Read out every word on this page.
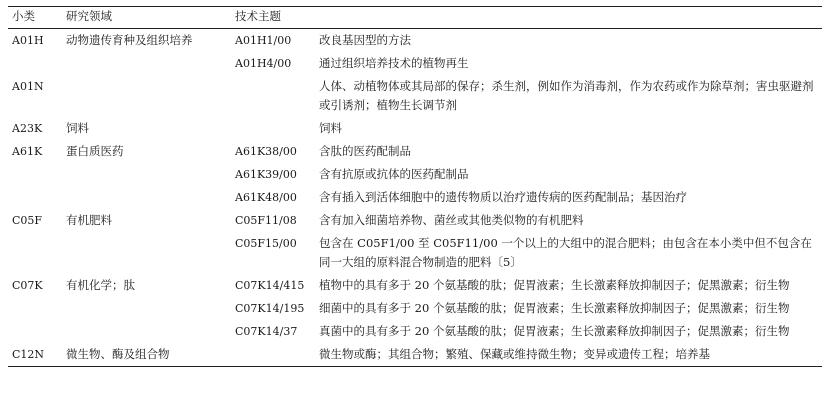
小类	研究领域	技术主题	
A01H	动物遗传育种及组织培养	A01H1/00	改良基因型的方法
		A01H4/00	通过组织培养技术的植物再生
A01N			人体、动植物体或其局部的保存；杀生剂，例如作为消毒剂，作为农药或作为除草剂；害虫驱避剂或引诱剂；植物生长调节剂
A23K	饲料		饲料
A61K	蛋白质医药	A61K38/00	含肽的医药配制品
		A61K39/00	含有抗原或抗体的医药配制品
		A61K48/00	含有插入到活体细胞中的遗传物质以治疗遗传病的医药配制品；基因治疗
C05F	有机肥料	C05F11/08	含有加入细菌培养物、菌丝或其他类似物的有机肥料
		C05F15/00	包含在 C05F1/00 至 C05F11/00 一个以上的大组中的混合肥料；由包含在本小类中但不包含在同一大组的原料混合物制造的肥料〔5〕
C07K	有机化学；肽	C07K14/415	植物中的具有多于 20 个氨基酸的肽；促胃液素；生长激素释放抑制因子；促黑激素；衍生物
		C07K14/195	细菌中的具有多于 20 个氨基酸的肽；促胃液素；生长激素释放抑制因子；促黑激素；衍生物
		C07K14/37	真菌中的具有多于 20 个氨基酸的肽；促胃液素；生长激素释放抑制因子；促黑激素；衍生物
C12N	微生物、酶及组合物		微生物或酶；其组合物；繁殖、保藏或维持微生物；变异或遗传工程；培养基
